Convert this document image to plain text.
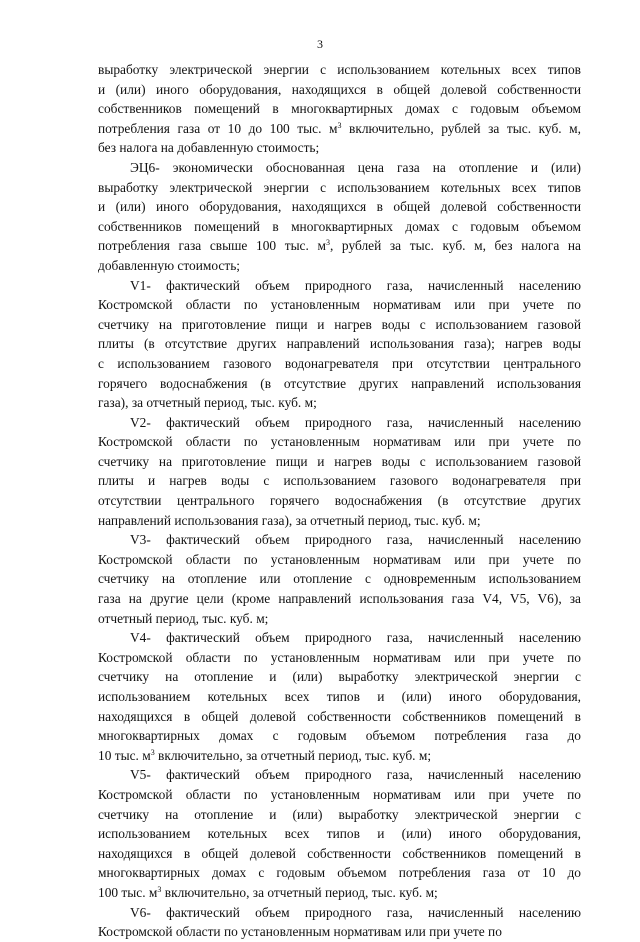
3
выработку электрической энергии с использованием котельных всех типов
и (или) иного оборудования, находящихся в общей долевой собственности
собственников помещений в многоквартирных домах с годовым объемом
потребления газа от 10 до 100 тыс. $м^3$ включительно, рублей за тыс. куб. м,
без налога на добавленную стоимость;
ЭЦ6- экономически обоснованная цена газа на отопление и (или)
выработку электрической энергии с использованием котельных всех типов
и (или) иного оборудования, находящихся в общей долевой собственности
собственников помещений в многоквартирных домах с годовым объемом
потребления газа свыше 100 тыс. $м^3$, рублей за тыс. куб. м, без налога на
добавленную стоимость;
V1- фактический объем природного газа, начисленный населению
Костромской области по установленным нормативам или при учете по
счетчику на приготовление пищи и нагрев воды с использованием газовой
плиты (в отсутствие других направлений использования газа); нагрев воды
с использованием газового водонагревателя при отсутствии центрального
горячего водоснабжения (в отсутствие других направлений использования
газа), за отчетный период, тыс. куб. м;
V2- фактический объем природного газа, начисленный населению
Костромской области по установленным нормативам или при учете по
счетчику на приготовление пищи и нагрев воды с использованием газовой
плиты и нагрев воды с использованием газового водонагревателя при
отсутствии центрального горячего водоснабжения (в отсутствие других
направлений использования газа), за отчетный период, тыс. куб. м;
V3- фактический объем природного газа, начисленный населению
Костромской области по установленным нормативам или при учете по
счетчику на отопление или отопление с одновременным использованием
газа на другие цели (кроме направлений использования газа V4, V5, V6), за
отчетный период, тыс. куб. м;
V4- фактический объем природного газа, начисленный населению
Костромской области по установленным нормативам или при учете по
счетчику на отопление и (или) выработку электрической энергии с
использованием котельных всех типов и (или) иного оборудования,
находящихся в общей долевой собственности собственников помещений в
многоквартирных домах с годовым объемом потребления газа до
10 тыс. $м^3$ включительно, за отчетный период, тыс. куб. м;
V5- фактический объем природного газа, начисленный населению
Костромской области по установленным нормативам или при учете по
счетчику на отопление и (или) выработку электрической энергии с
использованием котельных всех типов и (или) иного оборудования,
находящихся в общей долевой собственности собственников помещений в
многоквартирных домах с годовым объемом потребления газа от 10 до
100 тыс. $м^3$ включительно, за отчетный период, тыс. куб. м;
V6- фактический объем природного газа, начисленный населению
Костромской области по установленным нормативам или при учете по
